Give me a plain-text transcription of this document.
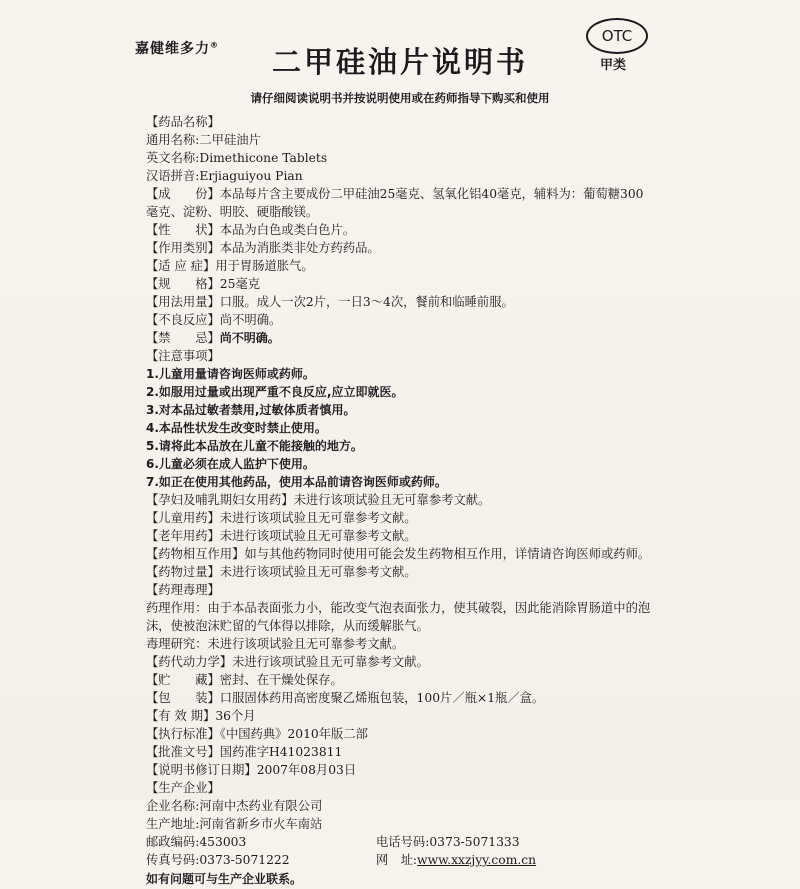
嘉健维多力®
二甲硅油片说明书
OTC
甲类
请仔细阅读说明书并按说明使用或在药师指导下购买和使用
【药品名称】
通用名称:二甲硅油片
英文名称:Dimethicone Tablets
汉语拼音:Erjiaguiyou Pian
【成　　份】本品每片含主要成份二甲硅油25毫克、氢氧化铝40毫克，辅料为：葡萄糖300
毫克、淀粉、明胶、硬脂酸镁。
【性　　状】本品为白色或类白色片。
【作用类别】本品为消胀类非处方药药品。
【适 应 症】用于胃肠道胀气。
【规　　格】25毫克
【用法用量】口服。成人一次2片，一日3～4次，餐前和临睡前服。
【不良反应】尚不明确。
【禁　　忌】尚不明确。
【注意事项】
1.儿童用量请咨询医师或药师。
2.如服用过量或出现严重不良反应,应立即就医。
3.对本品过敏者禁用,过敏体质者慎用。
4.本品性状发生改变时禁止使用。
5.请将此本品放在儿童不能接触的地方。
6.儿童必须在成人监护下使用。
7.如正在使用其他药品，使用本品前请咨询医师或药师。
【孕妇及哺乳期妇女用药】未进行该项试验且无可靠参考文献。
【儿童用药】未进行该项试验且无可靠参考文献。
【老年用药】未进行该项试验且无可靠参考文献。
【药物相互作用】如与其他药物同时使用可能会发生药物相互作用，详情请咨询医师或药师。
【药物过量】未进行该项试验且无可靠参考文献。
【药理毒理】
药理作用：由于本品表面张力小，能改变气泡表面张力，使其破裂，因此能消除胃肠道中的泡
沫，使被泡沫贮留的气体得以排除，从而缓解胀气。
毒理研究：未进行该项试验且无可靠参考文献。
【药代动力学】未进行该项试验且无可靠参考文献。
【贮　　藏】密封、在干燥处保存。
【包　　装】口服固体药用高密度聚乙烯瓶包装，100片／瓶×1瓶／盒。
【有 效 期】36个月
【执行标准】《中国药典》2010年版二部
【批准文号】国药准字H41023811
【说明书修订日期】2007年08月03日
【生产企业】
企业名称:河南中杰药业有限公司
生产地址:河南省新乡市火车南站
邮政编码:453003	电话号码:0373-5071333
传真号码:0373-5071222	网　址:www.xxzjyy.com.cn
如有问题可与生产企业联系。
